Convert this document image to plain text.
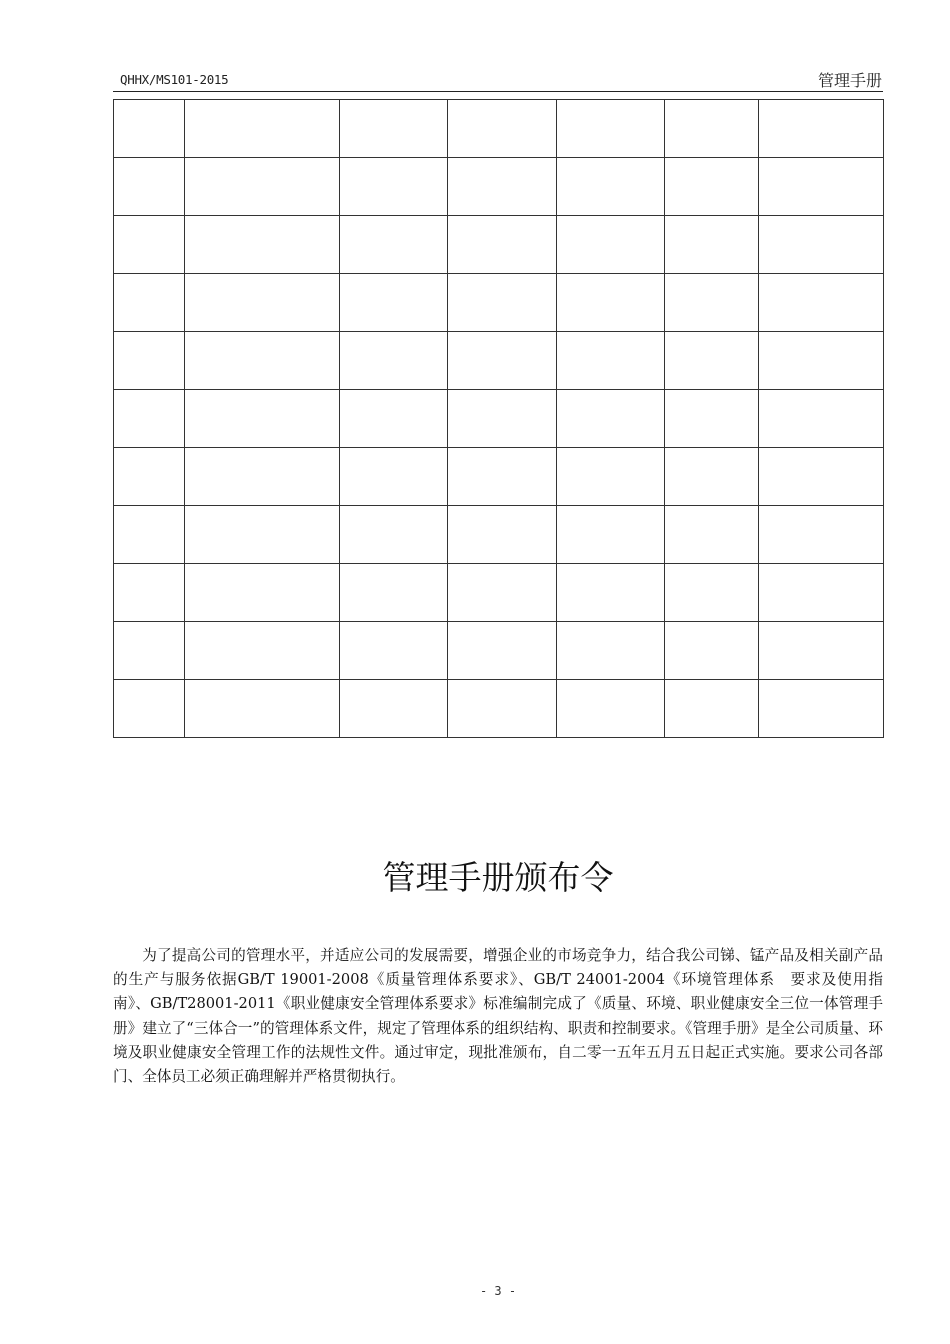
QHHX/MS101-2015	管理手册

管理手册颁布令

为了提高公司的管理水平，并适应公司的发展需要，增强企业的市场竞争力，结合我公司锑、锰产品及相关副产品的生产与服务依据GB/T 19001-2008《质量管理体系要求》、GB/T 24001-2004《环境管理体系　要求及使用指南》、GB/T28001-2011《职业健康安全管理体系要求》标准编制完成了《质量、环境、职业健康安全三位一体管理手册》建立了“三体合一”的管理体系文件，规定了管理体系的组织结构、职责和控制要求。《管理手册》是全公司质量、环境及职业健康安全管理工作的法规性文件。通过审定，现批准颁布，自二零一五年五月五日起正式实施。要求公司各部门、全体员工必须正确理解并严格贯彻执行。

- 3 -
